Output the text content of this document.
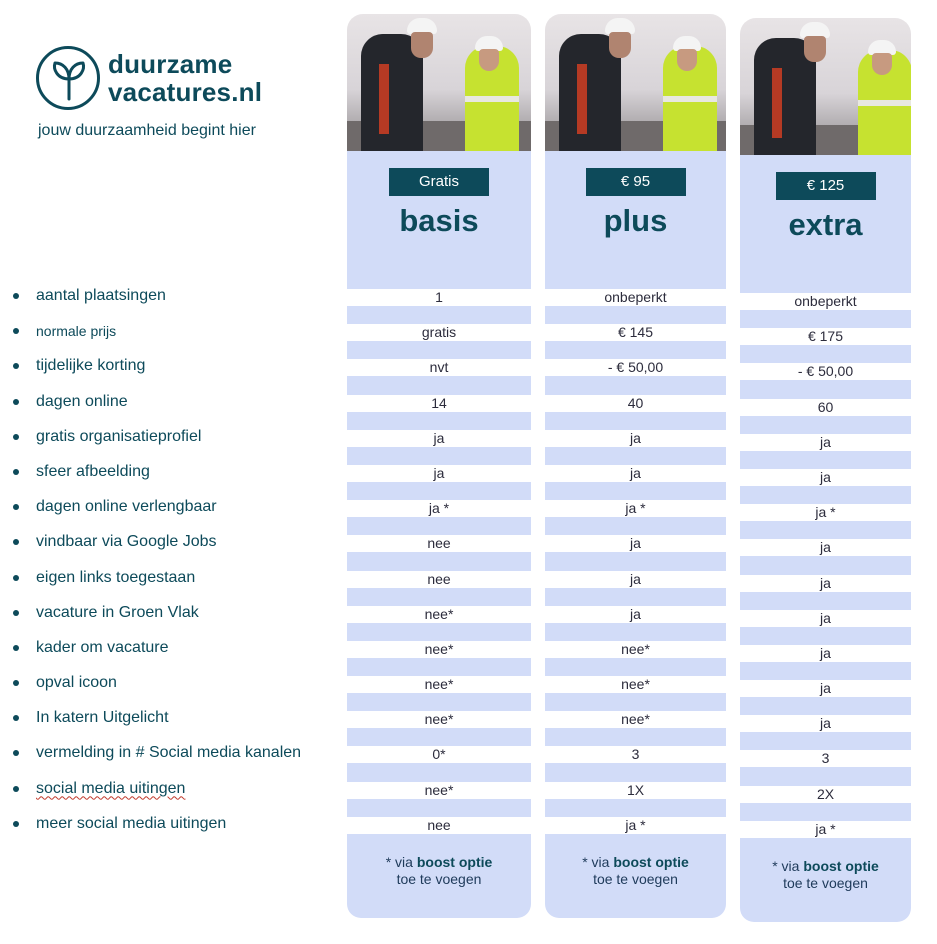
duurzame
vacatures.nl
jouw duurzaamheid begint hier
aantal plaatsingen
normale prijs
tijdelijke korting
dagen online
gratis organisatieprofiel
sfeer afbeelding
dagen online verlengbaar
vindbaar via Google Jobs
eigen links toegestaan
vacature in Groen Vlak
kader om vacature
opval icoon
In katern Uitgelicht
vermelding in # Social media kanalen
social media uitingen
meer social media uitingen
Gratis
basis
1
gratis
nvt
14
ja
ja
ja *
nee
nee
nee*
nee*
nee*
nee*
0*
nee*
nee
* via boost optie
toe te voegen
€ 95
plus
onbeperkt
€ 145
- € 50,00
40
ja
ja
ja *
ja
ja
ja
nee*
nee*
nee*
3
1X
ja *
* via boost optie
toe te voegen
€ 125
extra
onbeperkt
€ 175
- € 50,00
60
ja
ja
ja *
ja
ja
ja
ja
ja
ja
3
2X
ja *
* via boost optie
toe te voegen
